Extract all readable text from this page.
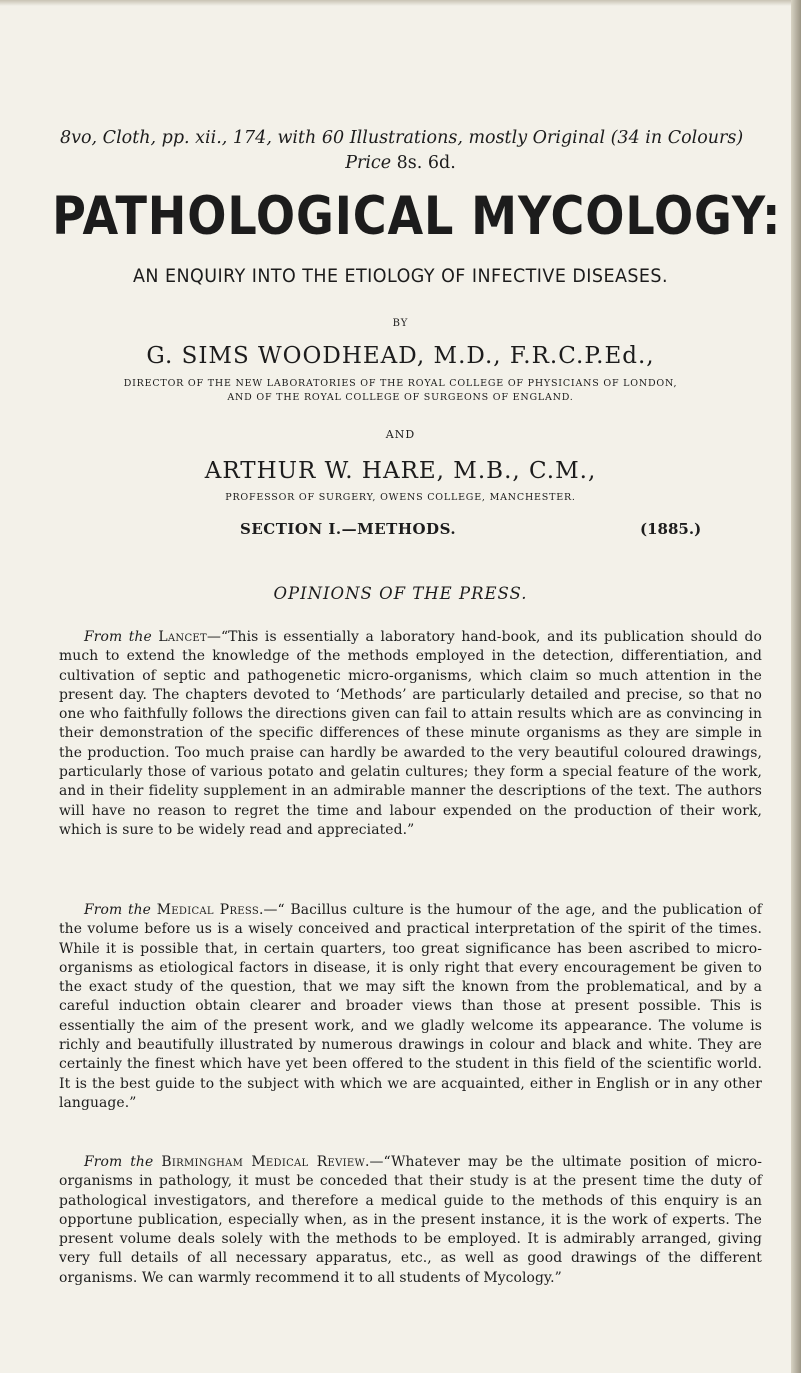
8vo, Cloth, pp. xii., 174, with 60 Illustrations, mostly Original (34 in Colours)
Price 8s. 6d.
PATHOLOGICAL MYCOLOGY:
AN ENQUIRY INTO THE ETIOLOGY OF INFECTIVE DISEASES.
BY
G. SIMS WOODHEAD, M.D., F.R.C.P.Ed.,
DIRECTOR OF THE NEW LABORATORIES OF THE ROYAL COLLEGE OF PHYSICIANS OF LONDON,
AND OF THE ROYAL COLLEGE OF SURGEONS OF ENGLAND.
AND
ARTHUR W. HARE, M.B., C.M.,
PROFESSOR OF SURGERY, OWENS COLLEGE, MANCHESTER.
SECTION I.—METHODS.	(1885.)
OPINIONS OF THE PRESS.

From the Lancet—“This is essentially a laboratory hand-book, and its publication should do much to extend the knowledge of the methods employed in the detection, differentiation, and cultivation of septic and pathogenetic micro-organisms, which claim so much attention in the present day. The chapters devoted to ‘Methods’ are particularly detailed and precise, so that no one who faithfully follows the directions given can fail to attain results which are as convincing in their demonstration of the specific differences of these minute organisms as they are simple in the production. Too much praise can hardly be awarded to the very beautiful coloured drawings, particularly those of various potato and gelatin cultures; they form a special feature of the work, and in their fidelity supplement in an admirable manner the descriptions of the text. The authors will have no reason to regret the time and labour expended on the production of their work, which is sure to be widely read and appreciated.”

From the Medical Press.—“ Bacillus culture is the humour of the age, and the publication of the volume before us is a wisely conceived and practical interpretation of the spirit of the times. While it is possible that, in certain quarters, too great significance has been ascribed to micro-organisms as etiological factors in disease, it is only right that every encouragement be given to the exact study of the question, that we may sift the known from the problematical, and by a careful induction obtain clearer and broader views than those at present possible. This is essentially the aim of the present work, and we gladly welcome its appearance. The volume is richly and beautifully illustrated by numerous drawings in colour and black and white. They are certainly the finest which have yet been offered to the student in this field of the scientific world. It is the best guide to the subject with which we are acquainted, either in English or in any other language.”

From the Birmingham Medical Review.—“Whatever may be the ultimate position of micro-organisms in pathology, it must be conceded that their study is at the present time the duty of pathological investigators, and therefore a medical guide to the methods of this enquiry is an opportune publication, especially when, as in the present instance, it is the work of experts. The present volume deals solely with the methods to be employed. It is admirably arranged, giving very full details of all necessary apparatus, etc., as well as good drawings of the different organisms. We can warmly recommend it to all students of Mycology.”
